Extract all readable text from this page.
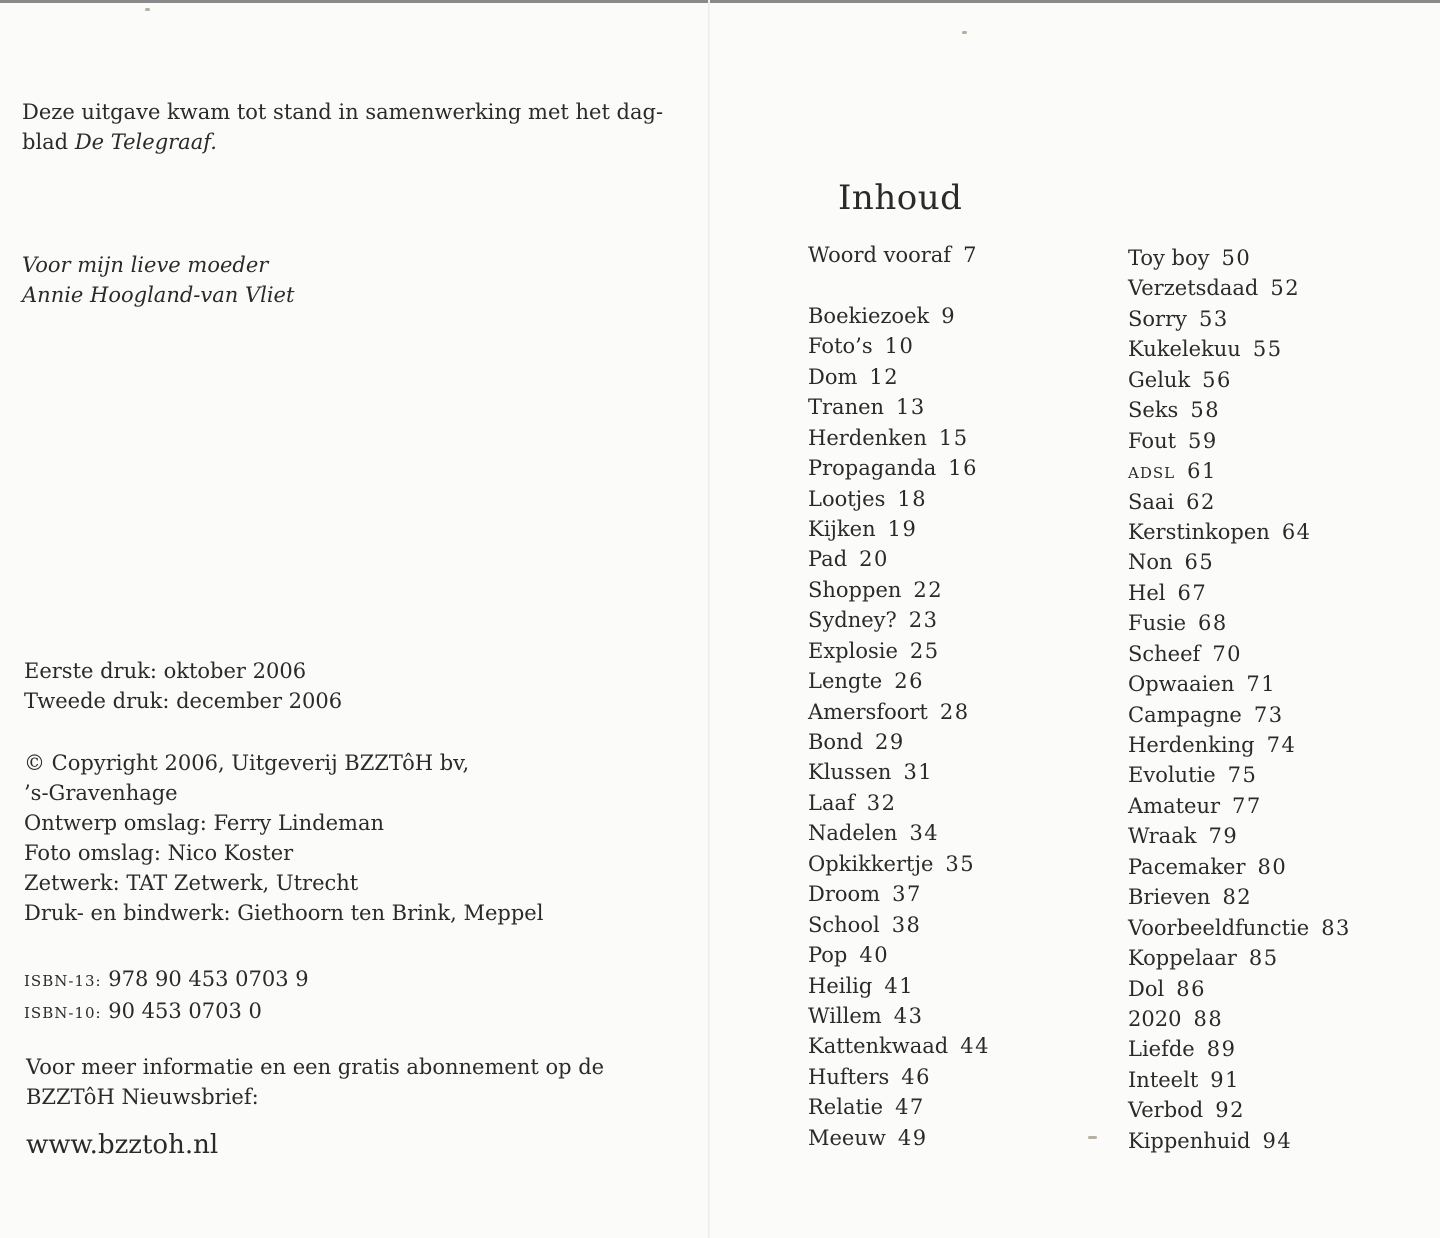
Deze uitgave kwam tot stand in samenwerking met het dag-
blad De Telegraaf.
Voor mijn lieve moeder
Annie Hoogland-van Vliet
Eerste druk: oktober 2006
Tweede druk: december 2006
© Copyright 2006, Uitgeverij BZZTôH bv,
’s-Gravenhage
Ontwerp omslag: Ferry Lindeman
Foto omslag: Nico Koster
Zetwerk: TAT Zetwerk, Utrecht
Druk- en bindwerk: Giethoorn ten Brink, Meppel
ISBN-13: 978 90 453 0703 9
ISBN-10: 90 453 0703 0
Voor meer informatie en een gratis abonnement op de
BZZTôH Nieuwsbrief:
www.bzztoh.nl
Inhoud
Woord vooraf 7
Boekiezoek 9
Foto’s 10
Dom 12
Tranen 13
Herdenken 15
Propaganda 16
Lootjes 18
Kijken 19
Pad 20
Shoppen 22
Sydney? 23
Explosie 25
Lengte 26
Amersfoort 28
Bond 29
Klussen 31
Laaf 32
Nadelen 34
Opkikkertje 35
Droom 37
School 38
Pop 40
Heilig 41
Willem 43
Kattenkwaad 44
Hufters 46
Relatie 47
Meeuw 49
Toy boy 50
Verzetsdaad 52
Sorry 53
Kukelekuu 55
Geluk 56
Seks 58
Fout 59
ADSL 61
Saai 62
Kerstinkopen 64
Non 65
Hel 67
Fusie 68
Scheef 70
Opwaaien 71
Campagne 73
Herdenking 74
Evolutie 75
Amateur 77
Wraak 79
Pacemaker 80
Brieven 82
Voorbeeldfunctie 83
Koppelaar 85
Dol 86
2020 88
Liefde 89
Inteelt 91
Verbod 92
Kippenhuid 94
